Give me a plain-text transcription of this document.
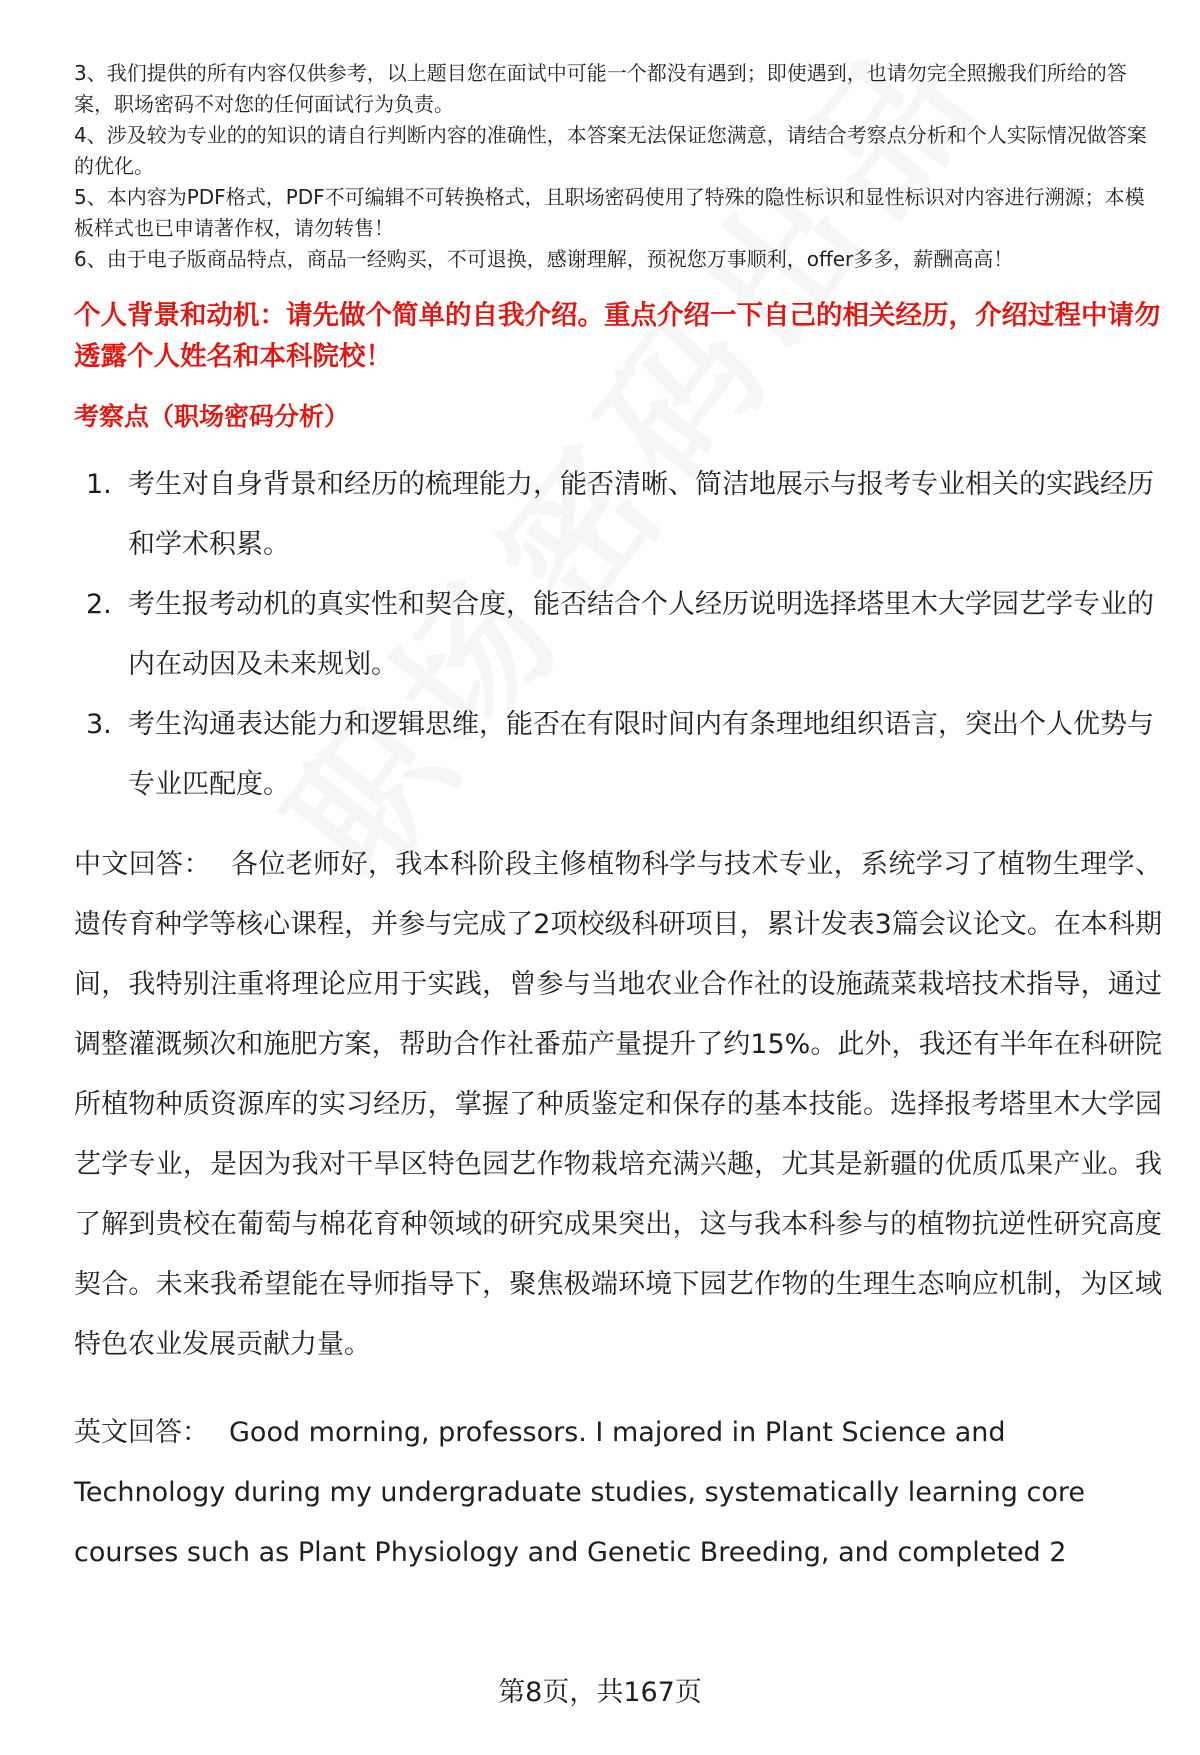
3、我们提供的所有内容仅供参考，以上题目您在面试中可能一个都没有遇到；即使遇到，也请勿完全照搬我们所给的答案，职场密码不对您的任何面试行为负责。

4、涉及较为专业的的知识的请自行判断内容的准确性，本答案无法保证您满意，请结合考察点分析和个人实际情况做答案的优化。

5、本内容为PDF格式，PDF不可编辑不可转换格式，且职场密码使用了特殊的隐性标识和显性标识对内容进行溯源；本模板样式也已申请著作权，请勿转售！

6、由于电子版商品特点，商品一经购买，不可退换，感谢理解，预祝您万事顺利，offer多多，薪酬高高！

个人背景和动机：请先做个简单的自我介绍。重点介绍一下自己的相关经历，介绍过程中请勿透露个人姓名和本科院校！
考察点（职场密码分析）
1. 考生对自身背景和经历的梳理能力，能否清晰、简洁地展示与报考专业相关的实践经历和学术积累。
2. 考生报考动机的真实性和契合度，能否结合个人经历说明选择塔里木大学园艺学专业的内在动因及未来规划。
3. 考生沟通表达能力和逻辑思维，能否在有限时间内有条理地组织语言，突出个人优势与专业匹配度。
中文回答： 各位老师好，我本科阶段主修植物科学与技术专业，系统学习了植物生理学、遗传育种学等核心课程，并参与完成了2项校级科研项目，累计发表3篇会议论文。在本科期间，我特别注重将理论应用于实践，曾参与当地农业合作社的设施蔬菜栽培技术指导，通过调整灌溉频次和施肥方案，帮助合作社番茄产量提升了约15%。此外，我还有半年在科研院所植物种质资源库的实习经历，掌握了种质鉴定和保存的基本技能。选择报考塔里木大学园艺学专业，是因为我对干旱区特色园艺作物栽培充满兴趣，尤其是新疆的优质瓜果产业。我了解到贵校在葡萄与棉花育种领域的研究成果突出，这与我本科参与的植物抗逆性研究高度契合。未来我希望能在导师指导下，聚焦极端环境下园艺作物的生理生态响应机制，为区域特色农业发展贡献力量。
英文回答： Good morning, professors. I majored in Plant Science and Technology during my undergraduate studies, systematically learning core courses such as Plant Physiology and Genetic Breeding, and completed 2
第8页，共167页
